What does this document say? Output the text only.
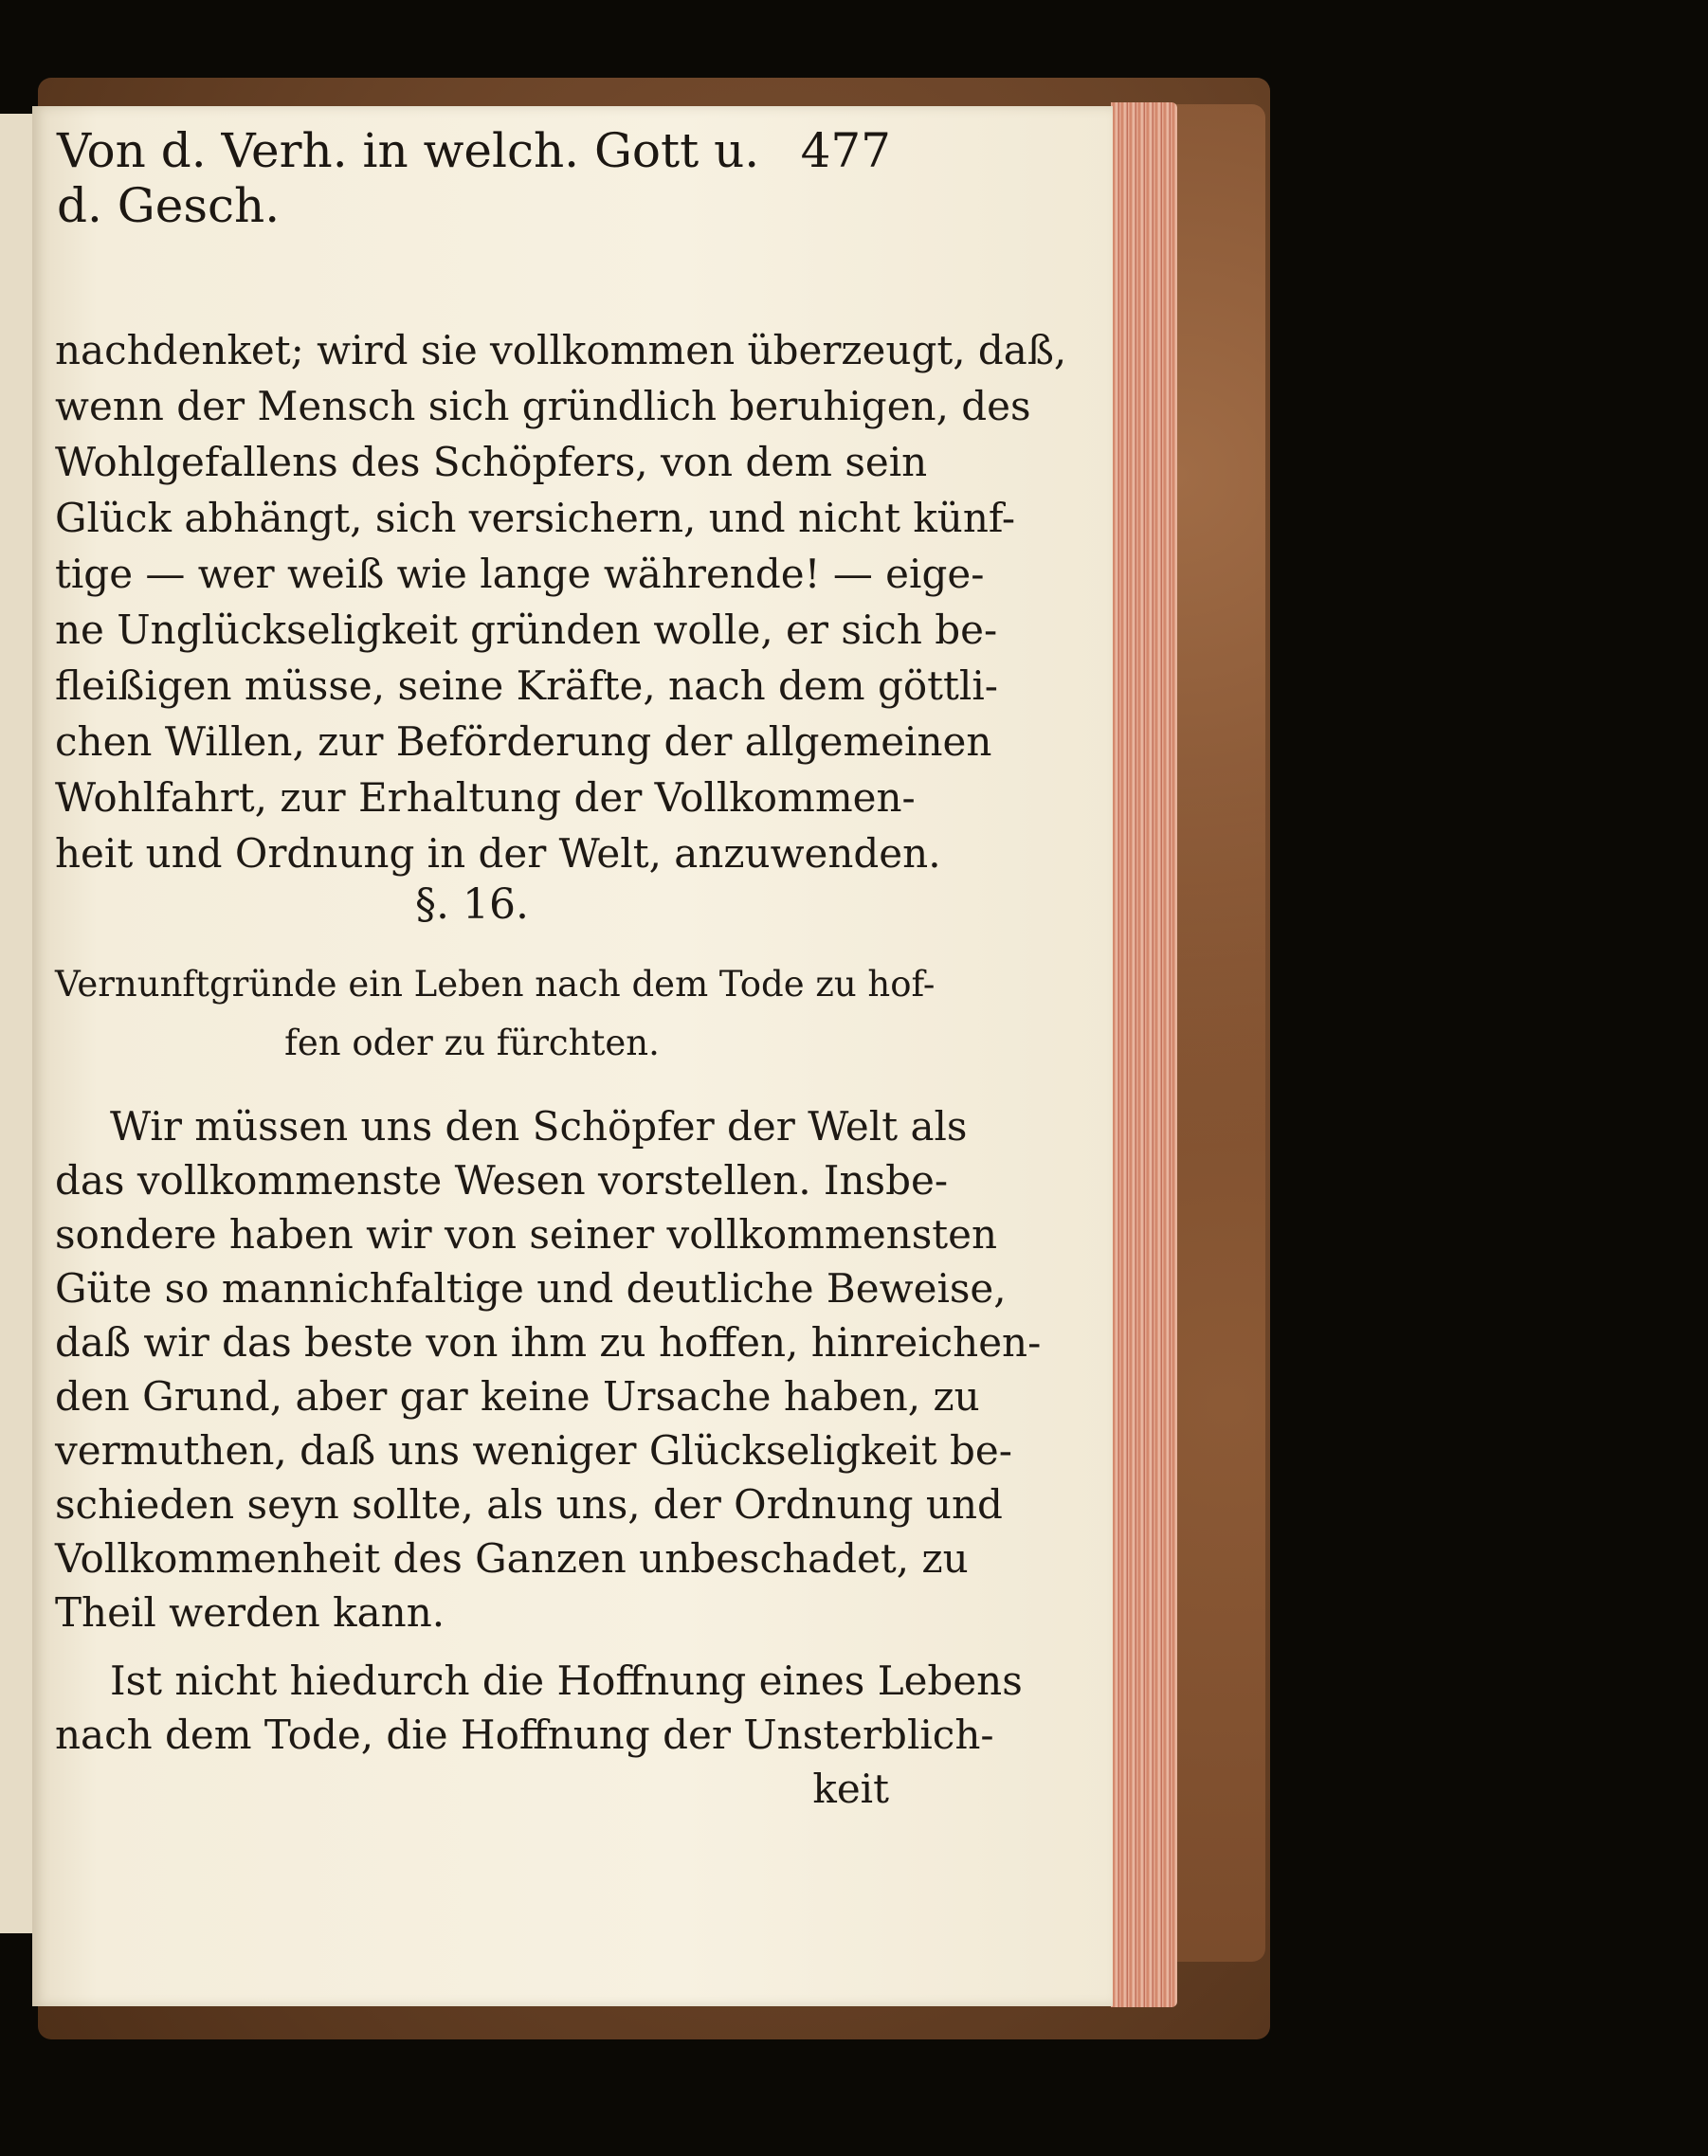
Von d. Verh. in welch. Gott u. d. Gesch.
477
nachdenket; wird sie vollkommen überzeugt, daß,
wenn der Mensch sich gründlich beruhigen, des
Wohlgefallens des Schöpfers, von dem sein
Glück abhängt, sich versichern, und nicht künf-
tige — wer weiß wie lange währende! — eige-
ne Unglückseligkeit gründen wolle, er sich be-
fleißigen müsse, seine Kräfte, nach dem göttli-
chen Willen, zur Beförderung der allgemeinen
Wohlfahrt, zur Erhaltung der Vollkommen-
heit und Ordnung in der Welt, anzuwenden.
§. 16.
Vernunftgründe ein Leben nach dem Tode zu hof-
fen oder zu fürchten.
Wir müssen uns den Schöpfer der Welt als
das vollkommenste Wesen vorstellen. Insbe-
sondere haben wir von seiner vollkommensten
Güte so mannichfaltige und deutliche Beweise,
daß wir das beste von ihm zu hoffen, hinreichen-
den Grund, aber gar keine Ursache haben, zu
vermuthen, daß uns weniger Glückseligkeit be-
schieden seyn sollte, als uns, der Ordnung und
Vollkommenheit des Ganzen unbeschadet, zu
Theil werden kann.
Ist nicht hiedurch die Hoffnung eines Lebens
nach dem Tode, die Hoffnung der Unsterblich-
keit
